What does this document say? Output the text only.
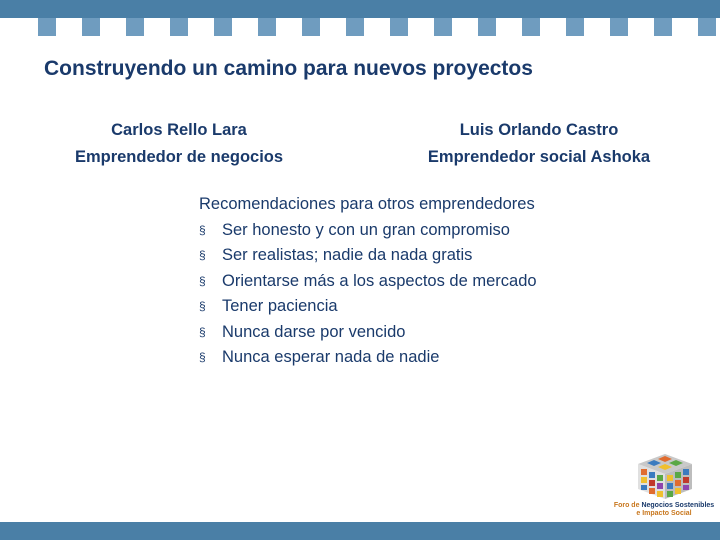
Construyendo un camino para nuevos proyectos
Carlos Rello Lara
Emprendedor de negocios
Luis Orlando Castro
Emprendedor social Ashoka
Recomendaciones para otros emprendedores
§ Ser honesto y con un gran compromiso
§ Ser realistas; nadie da nada gratis
§ Orientarse más a los aspectos de mercado
§ Tener paciencia
§ Nunca darse por vencido
§ Nunca esperar nada de nadie
Foro de Negocios Sostenibles
e Impacto Social
